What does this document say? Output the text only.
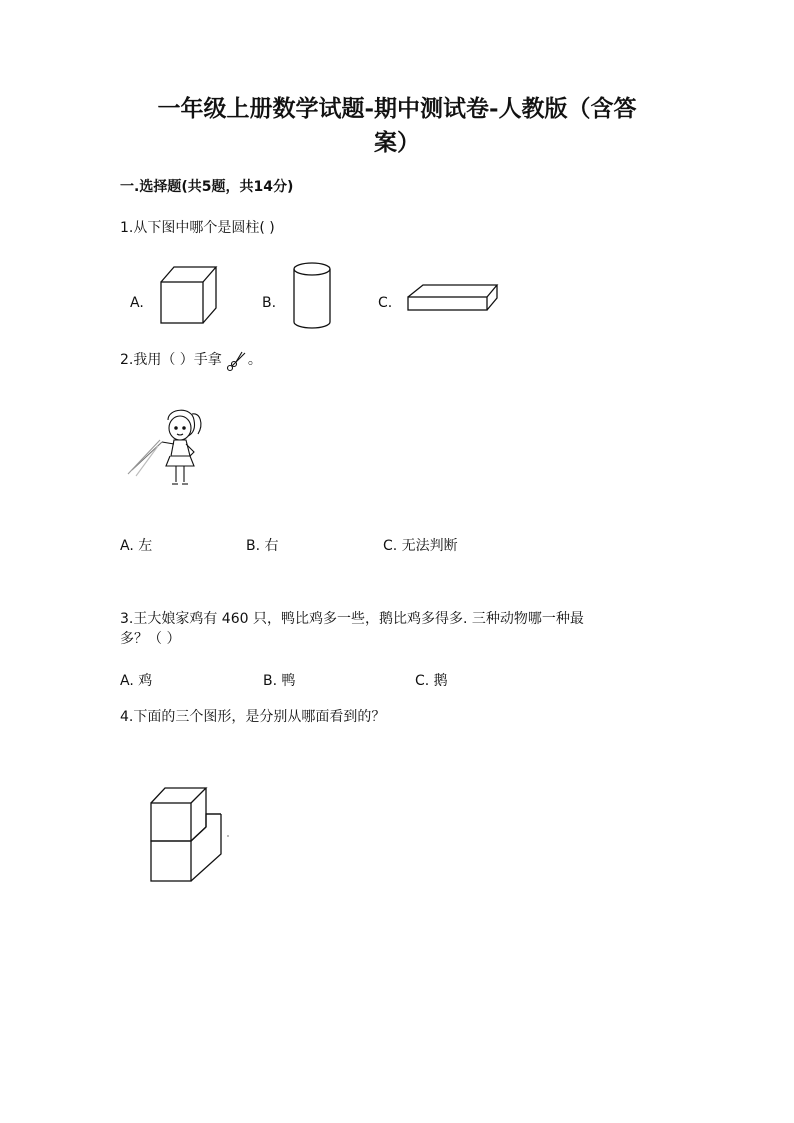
一年级上册数学试题-期中测试卷-人教版（含答
案）
一.选择题(共5题，共14分)
1.从下图中哪个是圆柱( )
A.	B.	C.
2.我用（ ）手拿 。
A. 左	B. 右	C. 无法判断
3.王大娘家鸡有 460 只，鸭比鸡多一些，鹅比鸡多得多. 三种动物哪一种最
多？（ ）
A. 鸡	B. 鸭	C. 鹅
4.下面的三个图形，是分别从哪面看到的？
